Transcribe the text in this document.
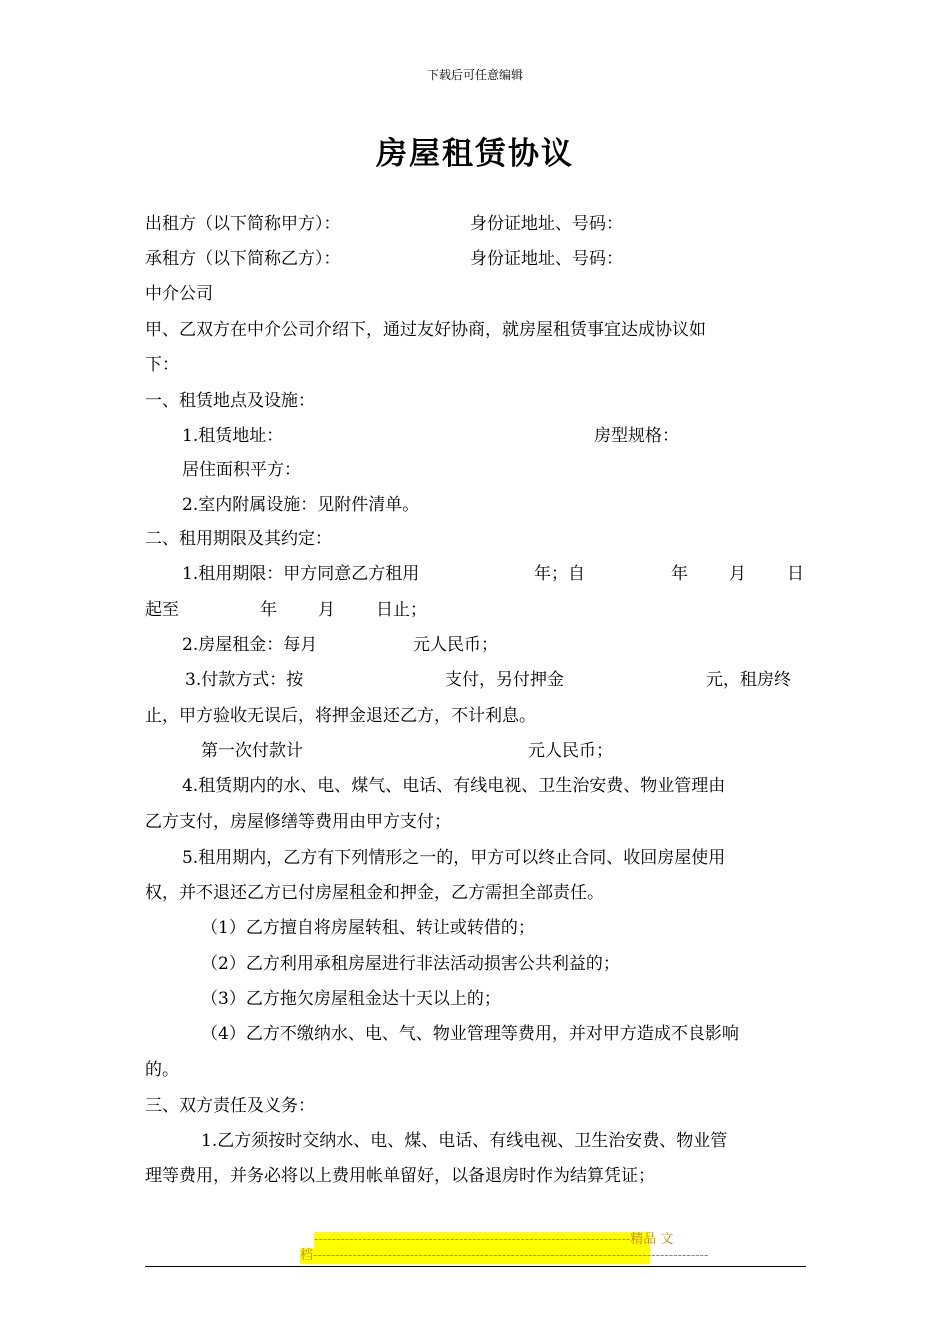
下载后可任意编辑
房屋租赁协议
出租方（以下简称甲方）：	身份证地址、号码：
承租方（以下简称乙方）：	身份证地址、号码：
中介公司
甲、乙双方在中介公司介绍下，通过友好协商，就房屋租赁事宜达成协议如
下：
一、租赁地点及设施：
1.租赁地址：	房型规格：
居住面积平方：
2.室内附属设施：见附件清单。
二、租用期限及其约定：
1.租用期限：甲方同意乙方租用	年；自	年 月 日
起至	年 月 日止；
2.房屋租金：每月	元人民币；
3.付款方式：按	支付，另付押金	元，租房终
止，甲方验收无误后，将押金退还乙方，不计利息。
第一次付款计	元人民币；
4.租赁期内的水、电、煤气、电话、有线电视、卫生治安费、物业管理由
乙方支付，房屋修缮等费用由甲方支付；
5.租用期内，乙方有下列情形之一的，甲方可以终止合同、收回房屋使用
权，并不退还乙方已付房屋租金和押金，乙方需担全部责任。
（1）乙方擅自将房屋转租、转让或转借的；
（2）乙方利用承租房屋进行非法活动损害公共利益的；
（3）乙方拖欠房屋租金达十天以上的；
（4）乙方不缴纳水、电、气、物业管理等费用，并对甲方造成不良影响
的。
三、双方责任及义务：
1.乙方须按时交纳水、电、煤、电话、有线电视、卫生治安费、物业管
理等费用，并务必将以上费用帐单留好，以备退房时作为结算凭证；
------------------------------------------------------------------------精品 文
档------------------------------------------------------------------------------------------
